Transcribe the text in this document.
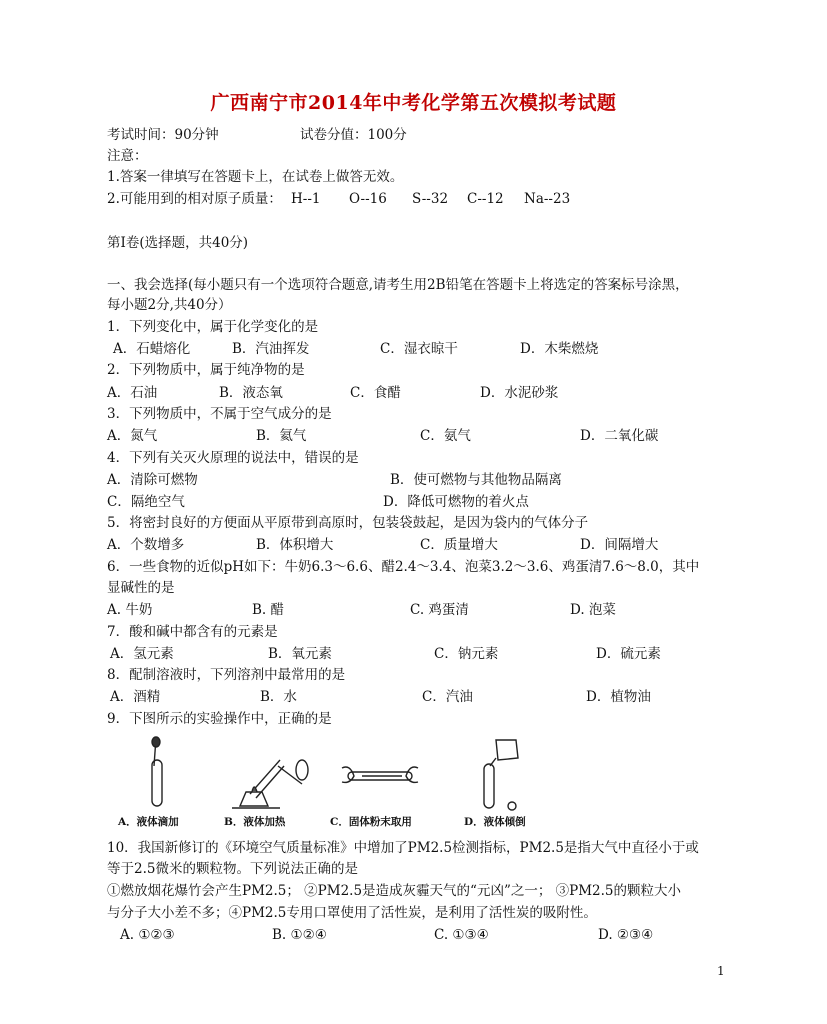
广西南宁市2014年中考化学第五次模拟考试题
考试时间：90分钟	试卷分值：100分
注意：
1.答案一律填写在答题卡上，在试卷上做答无效。
2.可能用到的相对原子质量： H--1 O--16 S--32 C--12 Na--23
第Ⅰ卷(选择题，共40分)
一、我会选择(每小题只有一个选项符合题意,请考生用2B铅笔在答题卡上将选定的答案标号涂黑，
每小题2分,共40分）
1．下列变化中，属于化学变化的是
A．石蜡熔化	B．汽油挥发	C．湿衣晾干	D．木柴燃烧
2．下列物质中，属于纯净物的是
A．石油	B．液态氧	C．食醋	D．水泥砂浆
3．下列物质中，不属于空气成分的是
A．氮气	B．氦气	C．氨气	D．二氧化碳
4．下列有关灭火原理的说法中，错误的是
A．清除可燃物	B．使可燃物与其他物品隔离
C．隔绝空气	D．降低可燃物的着火点
5．将密封良好的方便面从平原带到高原时，包装袋鼓起，是因为袋内的气体分子
A．个数增多	B．体积增大	C．质量增大	D．间隔增大
6．一些食物的近似pH如下：牛奶6.3～6.6、醋2.4～3.4、泡菜3.2～3.6、鸡蛋清7.6～8.0，其中
显碱性的是
A. 牛奶	B. 醋	C. 鸡蛋清	D. 泡菜
7．酸和碱中都含有的元素是
A．氢元素	B．氧元素	C．钠元素	D．硫元素
8．配制溶液时，下列溶剂中最常用的是
A．酒精	B．水	C．汽油	D．植物油
9．下图所示的实验操作中，正确的是
A．液体滴加	B．液体加热	C．固体粉末取用	D．液体倾倒
10．我国新修订的《环境空气质量标准》中增加了PM2.5检测指标，PM2.5是指大气中直径小于或
等于2.5微米的颗粒物。下列说法正确的是
①燃放烟花爆竹会产生PM2.5； ②PM2.5是造成灰霾天气的“元凶”之一； ③PM2.5的颗粒大小
与分子大小差不多；④PM2.5专用口罩使用了活性炭，是利用了活性炭的吸附性。
A. ①②③	B. ①②④	C. ①③④	D. ②③④
1
